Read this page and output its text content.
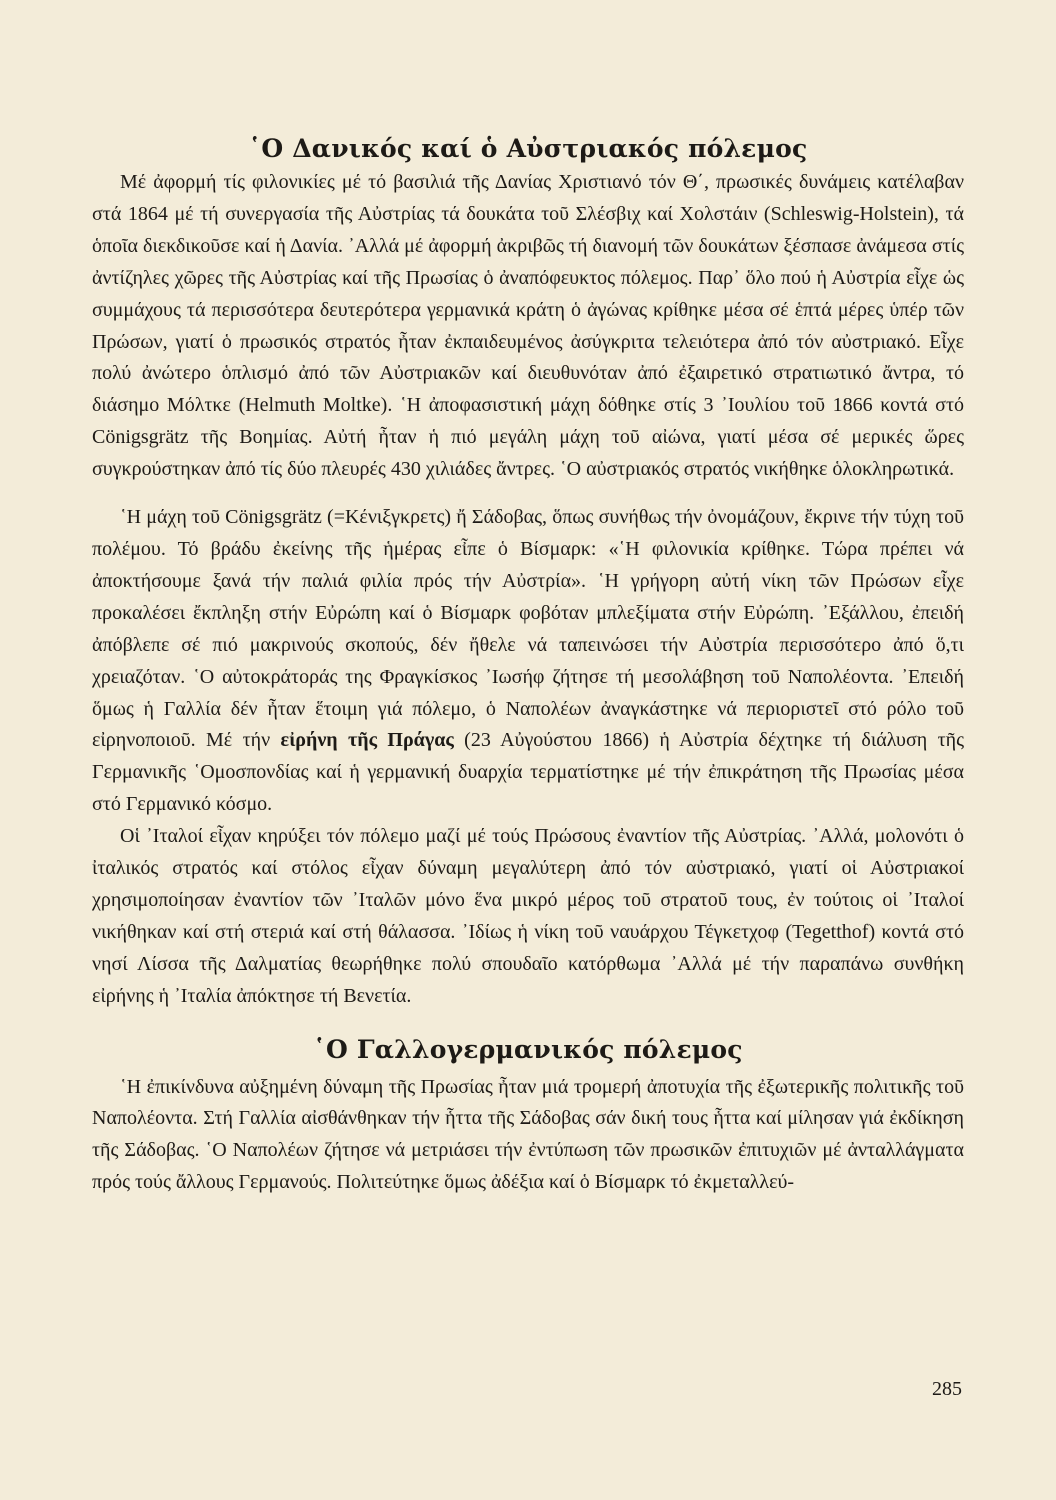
῾Ο Δανικός καί ὁ Αὐστριακός πόλεμος

Μέ ἀφορμή τίς φιλονικίες μέ τό βασιλιά τῆς Δανίας Χριστιανό τόν Θ΄, πρωσικές δυνάμεις κατέλαβαν στά 1864 μέ τή συνεργασία τῆς Αὐστρίας τά δουκάτα τοῦ Σλέσβιχ καί Χολστάιν (Schleswig-Holstein), τά ὁποῖα διεκδικοῦσε καί ἡ Δανία. ᾿Αλλά μέ ἀφορμή ἀκριβῶς τή διανομή τῶν δουκάτων ξέσπασε ἀνάμεσα στίς ἀντίζηλες χῶρες τῆς Αὐστρίας καί τῆς Πρωσίας ὁ ἀναπόφευκτος πόλεμος. Παρ᾿ ὅλο πού ἡ Αὐστρία εἶχε ὡς συμμάχους τά περισσότερα δευτερότερα γερμανικά κράτη ὁ ἀγώνας κρίθηκε μέσα σέ ἑπτά μέρες ὑπέρ τῶν Πρώσων, γιατί ὁ πρωσικός στρατός ἦταν ἐκπαιδευμένος ἀσύγκριτα τελειότερα ἀπό τόν αὐστριακό. Εἶχε πολύ ἀνώτερο ὁπλισμό ἀπό τῶν Αὐστριακῶν καί διευθυνόταν ἀπό ἐξαιρετικό στρατιωτικό ἄντρα, τό διάσημο Μόλτκε (Helmuth Moltke). ῾Η ἀποφασιστική μάχη δόθηκε στίς 3 ᾿Ιουλίου τοῦ 1866 κοντά στό Cönigsgrätz τῆς Βοημίας. Αὐτή ἦταν ἡ πιό μεγάλη μάχη τοῦ αἰώνα, γιατί μέσα σέ μερικές ὥρες συγκρούστηκαν ἀπό τίς δύο πλευρές 430 χιλιάδες ἄντρες. ῾Ο αὐστριακός στρατός νικήθηκε ὁλοκληρωτικά.

῾Η μάχη τοῦ Cönigsgrätz (=Κένιξγκρετς) ἤ Σάδοβας, ὅπως συνήθως τήν ὀνομάζουν, ἔκρινε τήν τύχη τοῦ πολέμου. Τό βράδυ ἐκείνης τῆς ἡμέρας εἶπε ὁ Βίσμαρκ: «῾Η φιλονικία κρίθηκε. Τώρα πρέπει νά ἀποκτήσουμε ξανά τήν παλιά φιλία πρός τήν Αὐστρία». ῾Η γρήγορη αὐτή νίκη τῶν Πρώσων εἶχε προκαλέσει ἔκπληξη στήν Εὐρώπη καί ὁ Βίσμαρκ φοβόταν μπλεξίματα στήν Εὐρώπη. ᾿Εξάλλου, ἐπειδή ἀπόβλεπε σέ πιό μακρινούς σκοπούς, δέν ἤθελε νά ταπεινώσει τήν Αὐστρία περισσότερο ἀπό ὅ,τι χρειαζόταν. ῾Ο αὐτοκράτοράς της Φραγκίσκος ᾿Ιωσήφ ζήτησε τή μεσολάβηση τοῦ Ναπολέοντα. ᾿Επειδή ὅμως ἡ Γαλλία δέν ἦταν ἕτοιμη γιά πόλεμο, ὁ Ναπολέων ἀναγκάστηκε νά περιοριστεῖ στό ρόλο τοῦ εἰρηνοποιοῦ. Μέ τήν εἰρήνη τῆς Πράγας (23 Αὐγούστου 1866) ἡ Αὐστρία δέχτηκε τή διάλυση τῆς Γερμανικῆς ῾Ομοσπονδίας καί ἡ γερμανική δυαρχία τερματίστηκε μέ τήν ἐπικράτηση τῆς Πρωσίας μέσα στό Γερμανικό κόσμο.

Οἱ ᾿Ιταλοί εἶχαν κηρύξει τόν πόλεμο μαζί μέ τούς Πρώσους ἐναντίον τῆς Αὐστρίας. ᾿Αλλά, μολονότι ὁ ἰταλικός στρατός καί στόλος εἶχαν δύναμη μεγαλύτερη ἀπό τόν αὐστριακό, γιατί οἱ Αὐστριακοί χρησιμοποίησαν ἐναντίον τῶν ᾿Ιταλῶν μόνο ἕνα μικρό μέρος τοῦ στρατοῦ τους, ἐν τούτοις οἱ ᾿Ιταλοί νικήθηκαν καί στή στεριά καί στή θάλασσα. ᾿Ιδίως ἡ νίκη τοῦ ναυάρχου Τέγκετχοφ (Tegetthof) κοντά στό νησί Λίσσα τῆς Δαλματίας θεωρήθηκε πολύ σπουδαῖο κατόρθωμα ᾿Αλλά μέ τήν παραπάνω συνθήκη εἰρήνης ἡ ᾿Ιταλία ἀπόκτησε τή Βενετία.

῾Ο Γαλλογερμανικός πόλεμος

῾Η ἐπικίνδυνα αὐξημένη δύναμη τῆς Πρωσίας ἦταν μιά τρομερή ἀποτυχία τῆς ἐξωτερικῆς πολιτικῆς τοῦ Ναπολέοντα. Στή Γαλλία αἰσθάνθηκαν τήν ἧττα τῆς Σάδοβας σάν δική τους ἧττα καί μίλησαν γιά ἐκδίκηση τῆς Σάδοβας. ῾Ο Ναπολέων ζήτησε νά μετριάσει τήν ἐντύπωση τῶν πρωσικῶν ἐπιτυχιῶν μέ ἀνταλλάγματα πρός τούς ἄλλους Γερμανούς. Πολιτεύτηκε ὅμως ἀδέξια καί ὁ Βίσμαρκ τό ἐκμεταλλεύ-

285
